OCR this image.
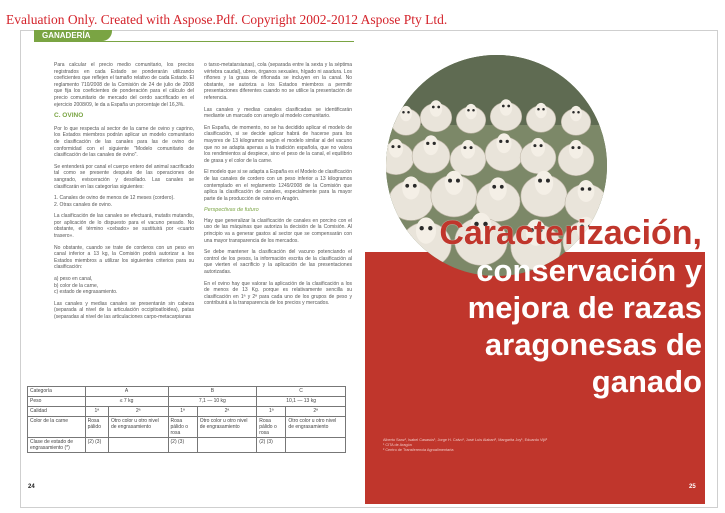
Evaluation Only. Created with Aspose.Pdf. Copyright 2002-2012 Aspose Pty Ltd.
GANADERÍA

Para calcular el precio medio comunitario, los precios registrados en cada Estado se ponderarán utilizando coeficientes que reflejen el tamaño relativo de cada Estado. El reglamento 710/2008 de la Comisión de 24 de julio de 2008 que fija los coeficientes de ponderación para el cálculo del precio comunitario de mercado del cerdo sacrificado en el ejercicio 2008/09, le da a España un porcentaje del 16,3%.

C. OVINO

Por lo que respecta al sector de la carne de ovino y caprino, los Estados miembros podrán aplicar un modelo comunitario de clasificación de las canales para las de ovino de conformidad con el siguiente "Modelo comunitario de clasificación de las canales de ovino".

Se entenderá por canal el cuerpo entero del animal sacrificado tal como se presente después de las operaciones de sangrado, evisceración y desollado. Las canales se clasificarán en las categorías siguientes:

1. Canales de ovino de menos de 12 meses (cordero).

2. Otras canales de ovino.

La clasificación de las canales se efectuará, mutatis mutandis, por aplicación de lo dispuesto para el vacuno pesado. No obstante, el término «cebado» se sustituirá por «cuarto trasero».

No obstante, cuando se trate de corderos con un peso en canal inferior a 13 kg, la Comisión podrá autorizar a los Estados miembros a utilizar los siguientes criterios para su clasificación:

a) peso en canal,
b) color de la carne,

c) estado de engrasamiento.

Las canales y medias canales se presentarán sin cabeza (separada al nivel de la articulación occipitoatloidea), patas (separadas al nivel de las articulaciones carpo-metacarpianas

o tarso-metatarsianas), cola (separada entre la sexta y la séptima vértebra caudal), ubres, órganos sexuales, hígado ni asadura. Los riñones y la grasa de riñonada se incluyen en la canal. No obstante, se autoriza a los Estados miembros a permitir presentaciones diferentes cuando no se utilice la presentación de referencia.

Las canales y medias canales clasificadas se identificarán mediante un marcado con arreglo al modelo comunitario.

En España, de momento, no se ha decidido aplicar el modelo de clasificación, si se decide aplicar habrá de hacerse para los mayores de 13 kilogramos según el modelo similar al del vacuno que no se adapta apenas a la tradición española, que no valora los rendimientos al despiece, sino el peso de la canal, el equilibrio de grasa y el color de la carne.

El modelo que si se adapta a España es el Modelo de clasificación de las canales de cordero con un peso inferior a 13 kilogramos contemplado en el reglamento 1249/2008 de la Comisión que aplica la clasificación de canales, especialmente para la mayor parte de la producción de ovino en Aragón.

Perspectivas de futuro

Hay que generalizar la clasificación de canales en porcino con el uso de las máquinas que autoriza la decisión de la Comisión. Al principio va a generar gastos al sector que se compensarán con una mayor transparencia de los mercados.

Se debe mantener la clasificación del vacuno potenciando el control de los pesos, la información escrita de la clasificación al que vierten el sacrificio y la aplicación de las presentaciones autorizadas.

En el ovino hay que valorar la aplicación de la clasificación a los de menos de 13 Kg. porque es relativamente sencilla su clasificación en 1ª y 2ª para cada uno de los grupos de peso y contribuirá a la transparencia de los precios y mercados.

Categoría	A		B		C	
Peso	≤ 7 kg		7,1 — 10 kg		10,1 — 13 kg	
Calidad	1ª	2ª	1ª	2ª	1ª	2ª
Color de la carne	Rosa pálido	Otro color u otro nivel de engrasamiento	Rosa pálido o rosa	Otro color u otro nivel de engrasamiento	Rosa pálido o rosa	Otro color u otro nivel de engrasamiento
Clase de estado de engrasamiento (*)	(2) (3)		(2) (3)		(2) (3)	
24
Caracterización,
conservación y
mejora de razas
aragonesas de
ganado
Alberto Sanz¹, Isabel Casasús¹, Jorge H. Calvo¹, José Luis Alabart¹, Margarita Joy¹, Eduardo Vijil²
¹ CITA de Aragón
² Centro de Transferencia Agroalimentaria
25
